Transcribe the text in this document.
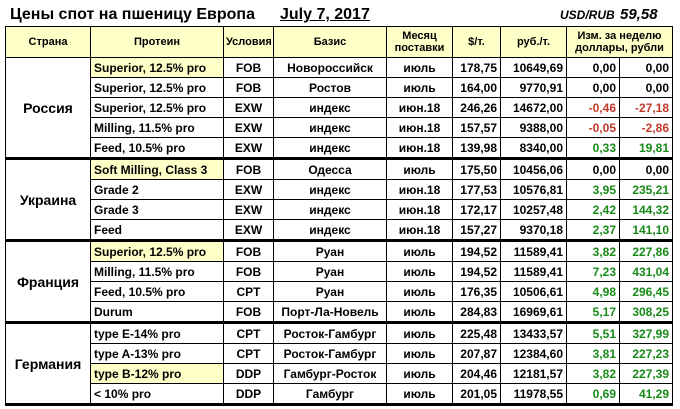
Цены спот на пшеницу Европа July 7, 2017	USD/RUB 59,58
Страна	Протеин	Условия	Базис	Месяц поставки	$/т.	руб./т.	Изм. за неделю доллары, рубли	
Россия	Superior, 12.5% pro	FOB	Новороссийск	июль	178,75	10649,69	0,00	0,00
	Superior, 12.5% pro	FOB	Ростов	июль	164,00	9770,91	0,00	0,00
	Superior, 12.5% pro	EXW	индекс	июн.18	246,26	14672,00	-0,46	-27,18
	Milling, 11.5% pro	EXW	индекс	июн.18	157,57	9388,00	-0,05	-2,86
	Feed, 10.5% pro	EXW	индекс	июн.18	139,98	8340,00	0,33	19,81
Украина	Soft Milling, Class 3	FOB	Одесса	июль	175,50	10456,06	0,00	0,00
	Grade 2	EXW	индекс	июн.18	177,53	10576,81	3,95	235,21
	Grade 3	EXW	индекс	июн.18	172,17	10257,48	2,42	144,32
	Feed	EXW	индекс	июн.18	157,27	9370,18	2,37	141,10
Франция	Superior, 12.5% pro	FOB	Руан	июль	194,52	11589,41	3,82	227,86
	Milling, 11.5% pro	FOB	Руан	июль	194,52	11589,41	7,23	431,04
	Feed, 10.5% pro	CPT	Руан	июль	176,35	10506,61	4,98	296,45
	Durum	FOB	Порт-Ла-Новель	июль	284,83	16969,61	5,17	308,25
Германия	type E-14% pro	CPT	Росток-Гамбург	июль	225,48	13433,57	5,51	327,99
	type A-13% pro	CPT	Росток-Гамбург	июль	207,87	12384,60	3,81	227,23
	type B-12% pro	DDP	Гамбург-Росток	июль	204,46	12181,57	3,82	227,39
	< 10% pro	DDP	Гамбург	июль	201,05	11978,55	0,69	41,29
